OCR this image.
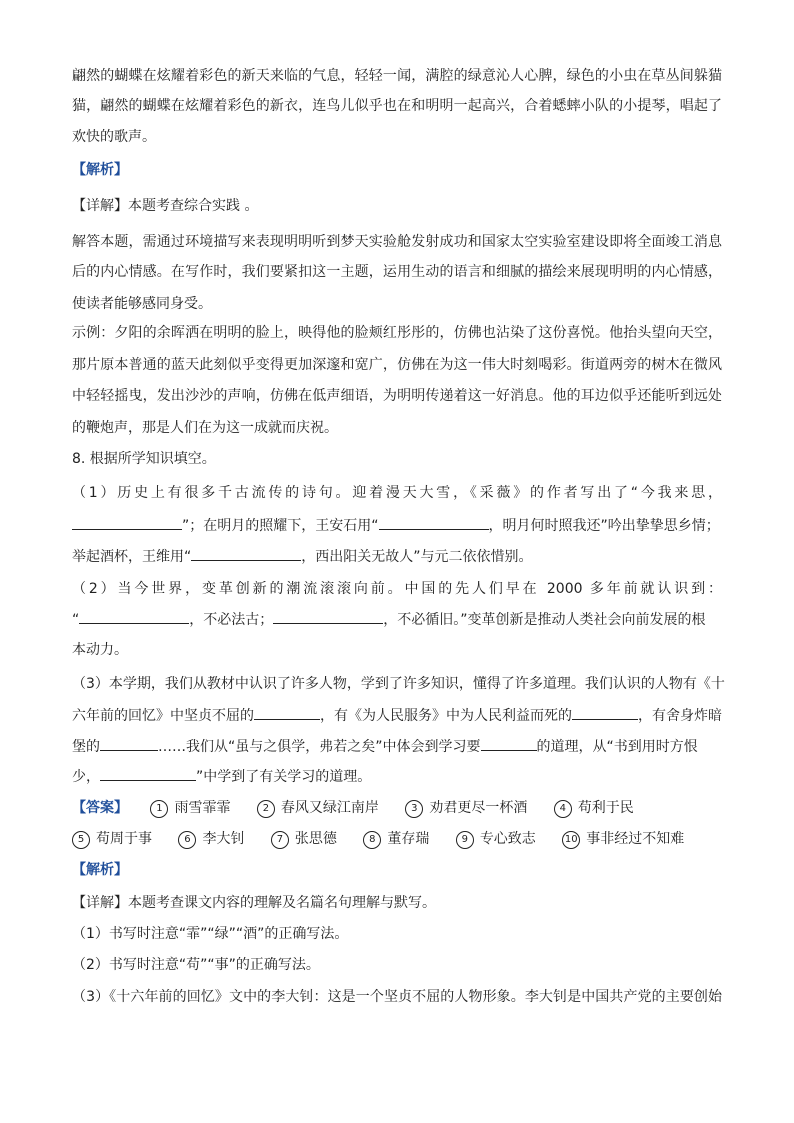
翩然的蝴蝶在炫耀着彩色的新天来临的气息，轻轻一闻，满腔的绿意沁人心脾，绿色的小虫在草丛间躲猫
猫，翩然的蝴蝶在炫耀着彩色的新衣，连鸟儿似乎也在和明明一起高兴，合着蟋蟀小队的小提琴，唱起了
欢快的歌声。
【解析】
【详解】本题考查综合实践 。
解答本题，需通过环境描写来表现明明听到梦天实验舱发射成功和国家太空实验室建设即将全面竣工消息
后的内心情感。在写作时，我们要紧扣这一主题，运用生动的语言和细腻的描绘来展现明明的内心情感，
使读者能够感同身受。
示例：夕阳的余晖洒在明明的脸上，映得他的脸颊红彤彤的，仿佛也沾染了这份喜悦。他抬头望向天空，
那片原本普通的蓝天此刻似乎变得更加深邃和宽广，仿佛在为这一伟大时刻喝彩。街道两旁的树木在微风
中轻轻摇曳，发出沙沙的声响，仿佛在低声细语，为明明传递着这一好消息。他的耳边似乎还能听到远处
的鞭炮声，那是人们在为这一成就而庆祝。
8. 根据所学知识填空。
（1）历史上有很多千古流传的诗句。迎着漫天大雪，《采薇》的作者写出了“今我来思，
”；在明月的照耀下，王安石用“	，明月何时照我还”吟出挚挚思乡情；
举起酒杯，王维用“	，西出阳关无故人”与元二依依惜别。
（2）当今世界，变革创新的潮流滚滚向前。中国的先人们早在 2000 多年前就认识到：
“	，不必法古；	，不必循旧。”变革创新是推动人类社会向前发展的根
本动力。
（3）本学期，我们从教材中认识了许多人物，学到了许多知识，懂得了许多道理。我们认识的人物有《十
六年前的回忆》中坚贞不屈的	，有《为人民服务》中为人民利益而死的	，有舍身炸暗
堡的	……我们从“虽与之俱学，弗若之矣”中体会到学习要	的道理，从“书到用时方恨
少，	”中学到了有关学习的道理。
【答案】	1 雨雪霏霏	2 春风又绿江南岸	3 劝君更尽一杯酒	4 苟利于民
5 苟周于事	6 李大钊	7 张思德	8 董存瑞	9 专心致志	10 事非经过不知难
【解析】
【详解】本题考查课文内容的理解及名篇名句理解与默写。
（1）书写时注意“霏”“绿”“酒”的正确写法。
（2）书写时注意“苟”“事”的正确写法。
（3）《十六年前的回忆》文中的李大钊：这是一个坚贞不屈的人物形象。李大钊是中国共产党的主要创始
